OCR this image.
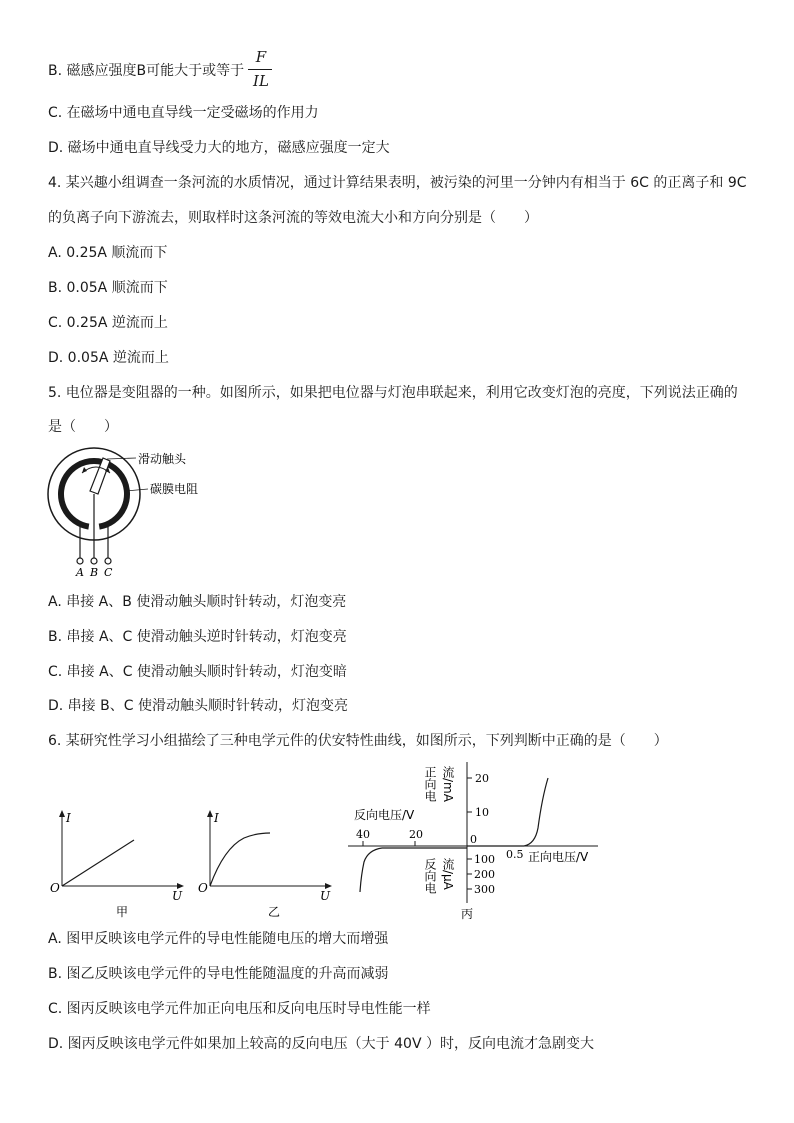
B. 磁感应强度B可能大于或等于
F
IL
C. 在磁场中通电直导线一定受磁场的作用力
D. 磁场中通电直导线受力大的地方，磁感应强度一定大
4. 某兴趣小组调查一条河流的水质情况，通过计算结果表明，被污染的河里一分钟内有相当于 6C 的正离子和 9C
的负离子向下游流去，则取样时这条河流的等效电流大小和方向分别是（　　）
A. 0.25A 顺流而下
B. 0.05A 顺流而下
C. 0.25A 逆流而上
D. 0.05A 逆流而上
5. 电位器是变阻器的一种。如图所示，如果把电位器与灯泡串联起来，利用它改变灯泡的亮度，下列说法正确的
是（　　）
滑动触头
碳膜电阻
A B C
A. 串接 A、B 使滑动触头顺时针转动，灯泡变亮
B. 串接 A、C 使滑动触头逆时针转动，灯泡变亮
C. 串接 A、C 使滑动触头顺时针转动，灯泡变暗
D. 串接 B、C 使滑动触头顺时针转动，灯泡变亮
6. 某研究性学习小组描绘了三种电学元件的伏安特性曲线，如图所示，下列判断中正确的是（　　）
I
U
O
甲
I
U
O
乙
正向电 流/mA
反向电 流/μA
20
10
0
40	20
0.5
100
200
300
反向电压/V
正向电压/V
丙
A. 图甲反映该电学元件的导电性能随电压的增大而增强
B. 图乙反映该电学元件的导电性能随温度的升高而减弱
C. 图丙反映该电学元件加正向电压和反向电压时导电性能一样
D. 图丙反映该电学元件如果加上较高的反向电压（大于 40V ）时，反向电流才急剧变大
